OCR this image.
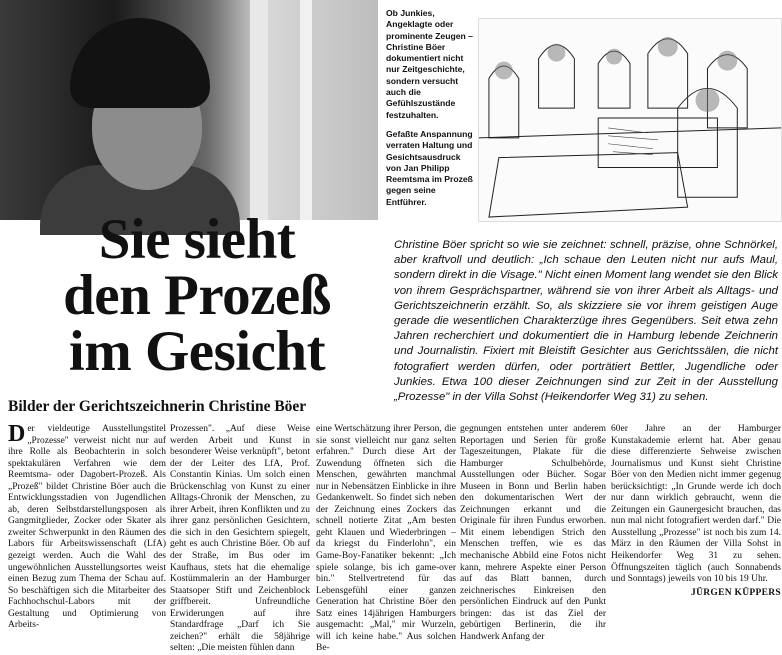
Ob Junkies, Angeklagte oder prominente Zeugen – Christine Böer dokumentiert nicht nur Zeitgeschichte, sondern versucht auch die Gefühlszustände festzuhalten.

Gefaßte Anspannung verraten Haltung und Gesichtsausdruck von Jan Philipp Reemtsma im Prozeß gegen seine Entführer.

Sie sieht
den Prozeß
im Gesicht
Bilder der Gerichtszeichnerin Christine Böer
Christine Böer spricht so wie sie zeichnet: schnell, präzise, ohne Schnörkel, aber kraftvoll und deutlich: „Ich schaue den Leuten nicht nur aufs Maul, sondern direkt in die Visage." Nicht einen Moment lang wendet sie den Blick von ihrem Gesprächspartner, während sie von ihrer Arbeit als Alltags- und Gerichtszeichnerin erzählt. So, als skizziere sie vor ihrem geistigen Auge gerade die wesentlichen Charakterzüge ihres Gegenübers. Seit etwa zehn Jahren recherchiert und dokumentiert die in Hamburg lebende Zeichnerin und Journalistin. Fixiert mit Bleistift Gesichter aus Gerichtssälen, die nicht fotografiert werden dürfen, oder porträtiert Bettler, Jugendliche oder Junkies. Etwa 100 dieser Zeichnungen sind zur Zeit in der Ausstellung „Prozesse" in der Villa Sohst (Heikendorfer Weg 31) zu sehen.
Der vieldeutige Ausstellungstitel „Prozesse" verweist nicht nur auf ihre Rolle als Beobachterin in solch spektakulären Verfahren wie dem Reemtsma- oder Dagobert-Prozeß. Als „Prozeß" bildet Christine Böer auch die Entwicklungsstadien von Jugendlichen ab, deren Selbstdarstellungsposen als Gangmitglieder, Zocker oder Skater als zweiter Schwerpunkt in den Räumen des Labors für Arbeitswissenschaft (LfA) gezeigt werden. Auch die Wahl des ungewöhnlichen Ausstellungsortes weist einen Bezug zum Thema der Schau auf. So beschäftigen sich die Mitarbeiter des Fachhochschul-Labors mit der Gestaltung und Optimierung von Arbeits-
Prozessen". „Auf diese Weise werden Arbeit und Kunst in besonderer Weise verknüpft", betont der der Leiter des LfA, Prof. Constantin Kinias. Um solch einen Brückenschlag von Kunst zu einer Alltags-Chronik der Menschen, zu ihrer Arbeit, ihren Konflikten und zu ihrer ganz persönlichen Gesichtern, die sich in den Gesichtern spiegelt, geht es auch Christine Böer. Ob auf der Straße, im Bus oder im Kaufhaus, stets hat die ehemalige Kostümmalerin an der Hamburger Staatsoper Stift und Zeichenblock griffbereit. Unfreundliche Erwiderungen auf ihre Standardfrage „Darf ich Sie zeichen?" erhält die 58jährige selten: „Die meisten fühlen dann
eine Wertschätzung ihrer Person, die sie sonst vielleicht nur ganz selten erfahren." Durch diese Art der Zuwendung öffneten sich die Menschen, gewährten manchmal nur in Nebensätzen Einblicke in ihre Gedankenwelt. So findet sich neben der Zeichnung eines Zockers das schnell notierte Zitat „Am besten geht Klauen und Wiederbringen – da kriegst du Finderlohn", ein Game-Boy-Fanatiker bekennt: „Ich spiele solange, bis ich game-over bin." Stellvertretend für das Lebensgefühl einer ganzen Generation hat Christine Böer den Satz eines 14jährigen Hamburgers ausgemacht: „Mal," mir Wurzeln, will ich keine habe." Aus solchen Be-
gegnungen entstehen unter anderem Reportagen und Serien für große Tageszeitungen, Plakate für die Hamburger Schulbehörde, Ausstellungen oder Bücher. Sogar Museen in Bonn und Berlin haben den dokumentarischen Wert der Zeichnungen erkannt und die Originale für ihren Fundus erworben. Mit einem lebendigen Strich den Menschen treffen, wie es das mechanische Abbild eine Fotos nicht kann, mehrere Aspekte einer Person auf das Blatt bannen, durch zeichnerisches Einkreisen den persönlichen Eindruck auf den Punkt bringen: das ist das Ziel der gebürtigen Berlinerin, die ihr Handwerk Anfang der
60er Jahre an der Hamburger Kunstakademie erlernt hat. Aber genau diese differenzierte Sehweise zwischen Journalismus und Kunst sieht Christine Böer von den Medien nicht immer gegenug berücksichtigt: „In Grunde werde ich doch nur dann wirklich gebraucht, wenn die Zeitungen ein Gaunergesicht brauchen, das nun mal nicht fotografiert werden darf." Die Ausstellung „Prozesse" ist noch bis zum 14. März in den Räumen der Villa Sohst in Heikendorfer Weg 31 zu sehen. Öffnungszeiten täglich (auch Sonnabends und Sonntags) jeweils von 10 bis 19 Uhr.
JÜRGEN KÜPPERS
